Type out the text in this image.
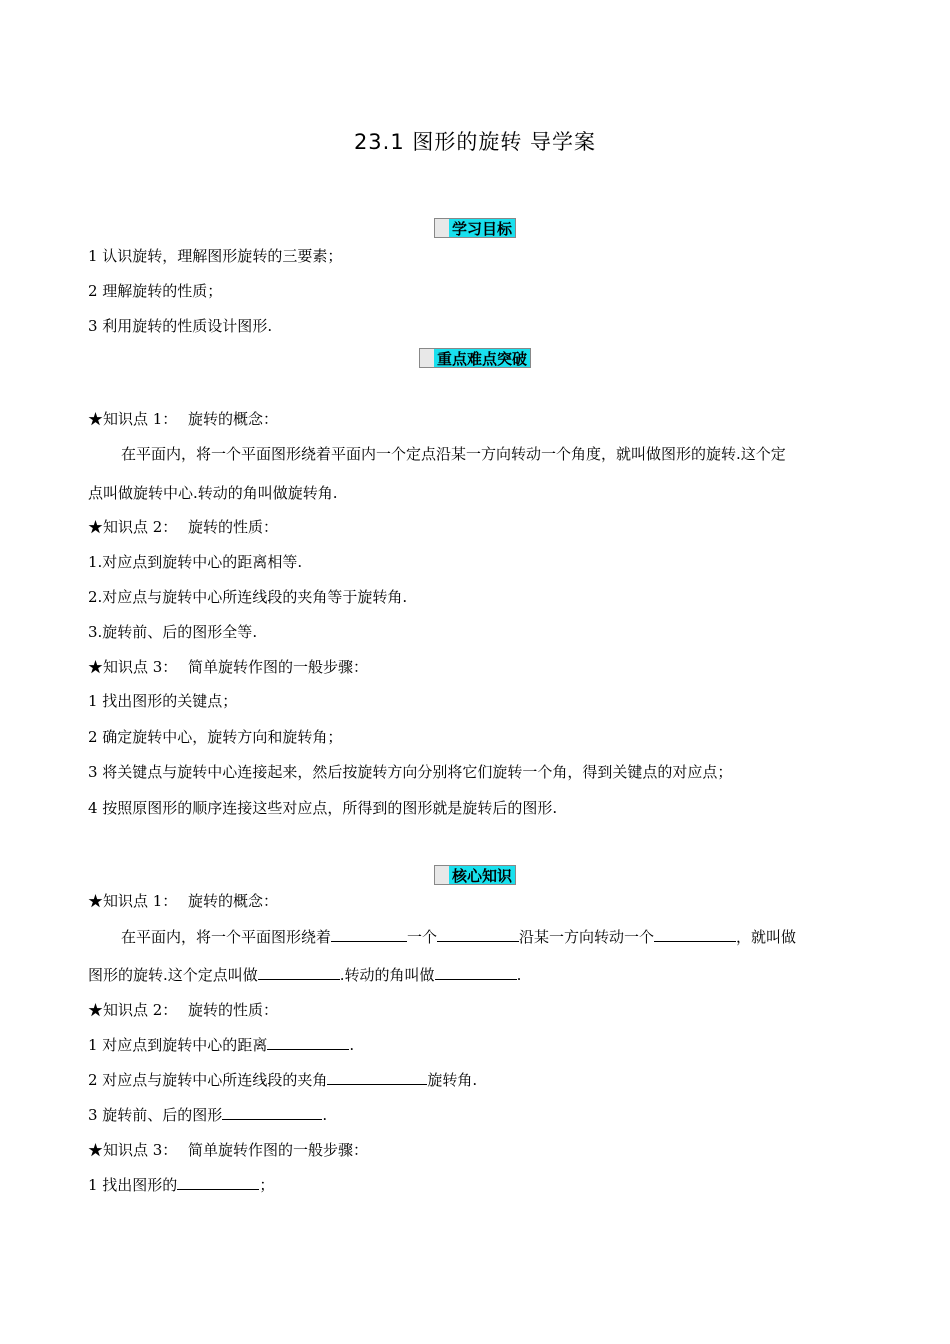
23.1 图形的旋转 导学案
学习目标
1 认识旋转，理解图形旋转的三要素；
2 理解旋转的性质；
3 利用旋转的性质设计图形.
重点难点突破
★知识点 1： 旋转的概念：
在平面内，将一个平面图形绕着平面内一个定点沿某一方向转动一个角度，就叫做图形的旋转.这个定
点叫做旋转中心.转动的角叫做旋转角.
★知识点 2： 旋转的性质：
1.对应点到旋转中心的距离相等.
2.对应点与旋转中心所连线段的夹角等于旋转角.
3.旋转前、后的图形全等.
★知识点 3： 简单旋转作图的一般步骤：
1 找出图形的关键点；
2 确定旋转中心，旋转方向和旋转角；
3 将关键点与旋转中心连接起来，然后按旋转方向分别将它们旋转一个角，得到关键点的对应点；
4 按照原图形的顺序连接这些对应点，所得到的图形就是旋转后的图形.
核心知识
★知识点 1： 旋转的概念：
在平面内，将一个平面图形绕着	一个	沿某一方向转动一个	，就叫做
图形的旋转.这个定点叫做	.转动的角叫做	.
★知识点 2： 旋转的性质：
1 对应点到旋转中心的距离	.
2 对应点与旋转中心所连线段的夹角	旋转角.
3 旋转前、后的图形	.
★知识点 3： 简单旋转作图的一般步骤：
1 找出图形的	；
